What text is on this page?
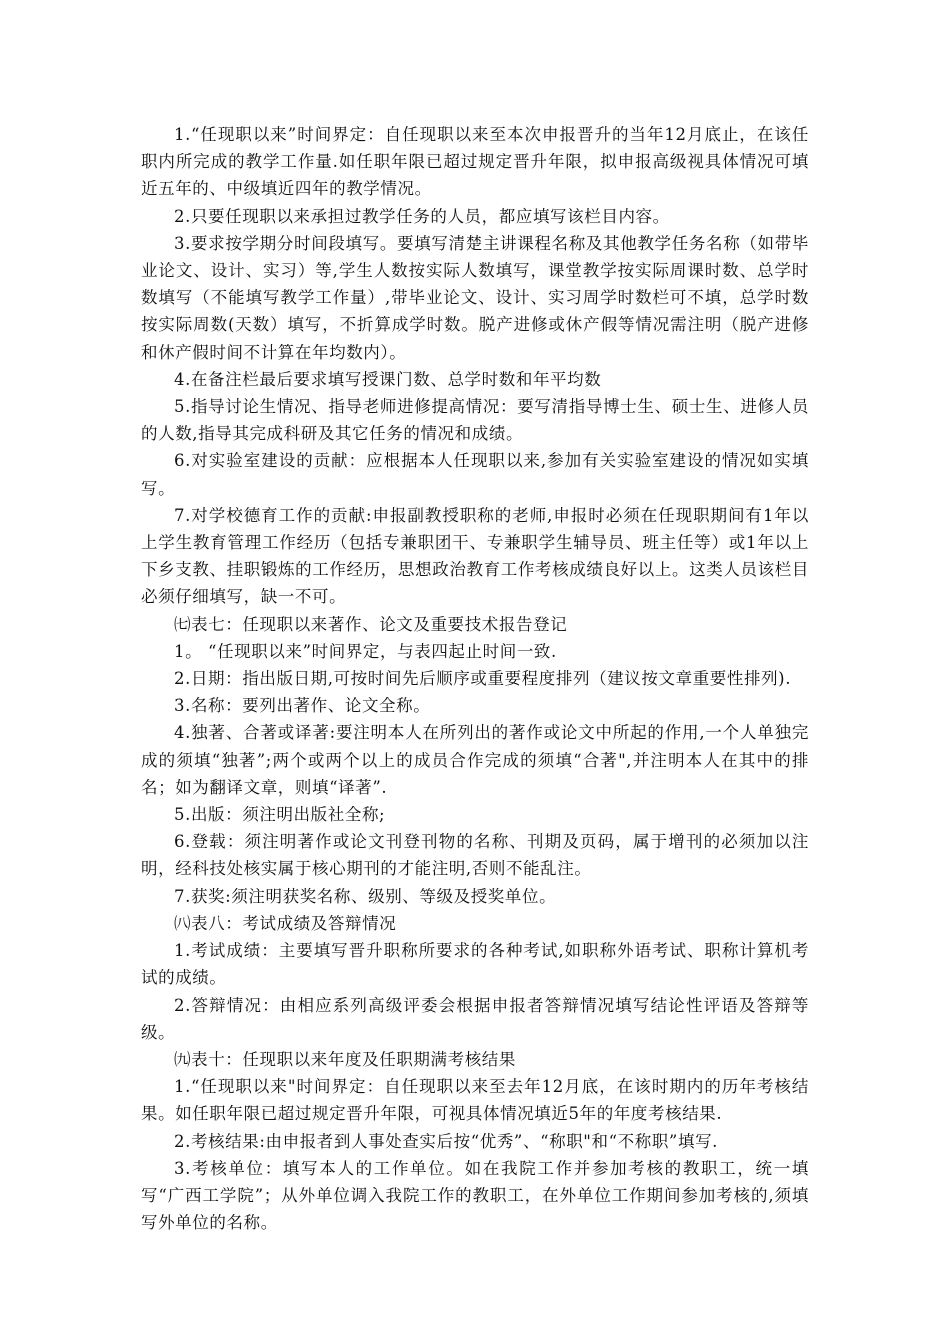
1.“任现职以来”时间界定：自任现职以来至本次申报晋升的当年12月底止，在该任职内所完成的教学工作量.如任职年限已超过规定晋升年限，拟申报高级视具体情况可填近五年的、中级填近四年的教学情况。

2.只要任现职以来承担过教学任务的人员，都应填写该栏目内容。

3.要求按学期分时间段填写。要填写清楚主讲课程名称及其他教学任务名称（如带毕业论文、设计、实习）等,学生人数按实际人数填写，课堂教学按实际周课时数、总学时数填写（不能填写教学工作量）,带毕业论文、设计、实习周学时数栏可不填，总学时数按实际周数(天数）填写，不折算成学时数。脱产进修或休产假等情况需注明（脱产进修和休产假时间不计算在年均数内）。

4.在备注栏最后要求填写授课门数、总学时数和年平均数

5.指导讨论生情况、指导老师进修提高情况：要写清指导博士生、硕士生、进修人员的人数,指导其完成科研及其它任务的情况和成绩。

6.对实验室建设的贡献：应根据本人任现职以来,参加有关实验室建设的情况如实填写。

7.对学校德育工作的贡献:申报副教授职称的老师,申报时必须在任现职期间有1年以上学生教育管理工作经历（包括专兼职团干、专兼职学生辅导员、班主任等）或1年以上下乡支教、挂职锻炼的工作经历，思想政治教育工作考核成绩良好以上。这类人员该栏目必须仔细填写，缺一不可。

㈦表七：任现职以来著作、论文及重要技术报告登记

1。 “任现职以来”时间界定，与表四起止时间一致.

2.日期：指出版日期,可按时间先后顺序或重要程度排列（建议按文章重要性排列).

3.名称：要列出著作、论文全称。

4.独著、合著或译著:要注明本人在所列出的著作或论文中所起的作用,一个人单独完成的须填“独著”;两个或两个以上的成员合作完成的须填“合著",并注明本人在其中的排名；如为翻译文章，则填“译著”.

5.出版：须注明出版社全称;

6.登载：须注明著作或论文刊登刊物的名称、刊期及页码，属于增刊的必须加以注明，经科技处核实属于核心期刊的才能注明,否则不能乱注。

7.获奖:须注明获奖名称、级别、等级及授奖单位。

㈧表八：考试成绩及答辩情况

1.考试成绩：主要填写晋升职称所要求的各种考试,如职称外语考试、职称计算机考试的成绩。

2.答辩情况：由相应系列高级评委会根据申报者答辩情况填写结论性评语及答辩等级。

㈨表十：任现职以来年度及任职期满考核结果

1.“任现职以来"时间界定：自任现职以来至去年12月底，在该时期内的历年考核结果。如任职年限已超过规定晋升年限，可视具体情况填近5年的年度考核结果.

2.考核结果:由申报者到人事处查实后按“优秀”、“称职"和“不称职”填写.

3.考核单位：填写本人的工作单位。如在我院工作并参加考核的教职工，统一填写“广西工学院”；从外单位调入我院工作的教职工，在外单位工作期间参加考核的,须填写外单位的名称。
